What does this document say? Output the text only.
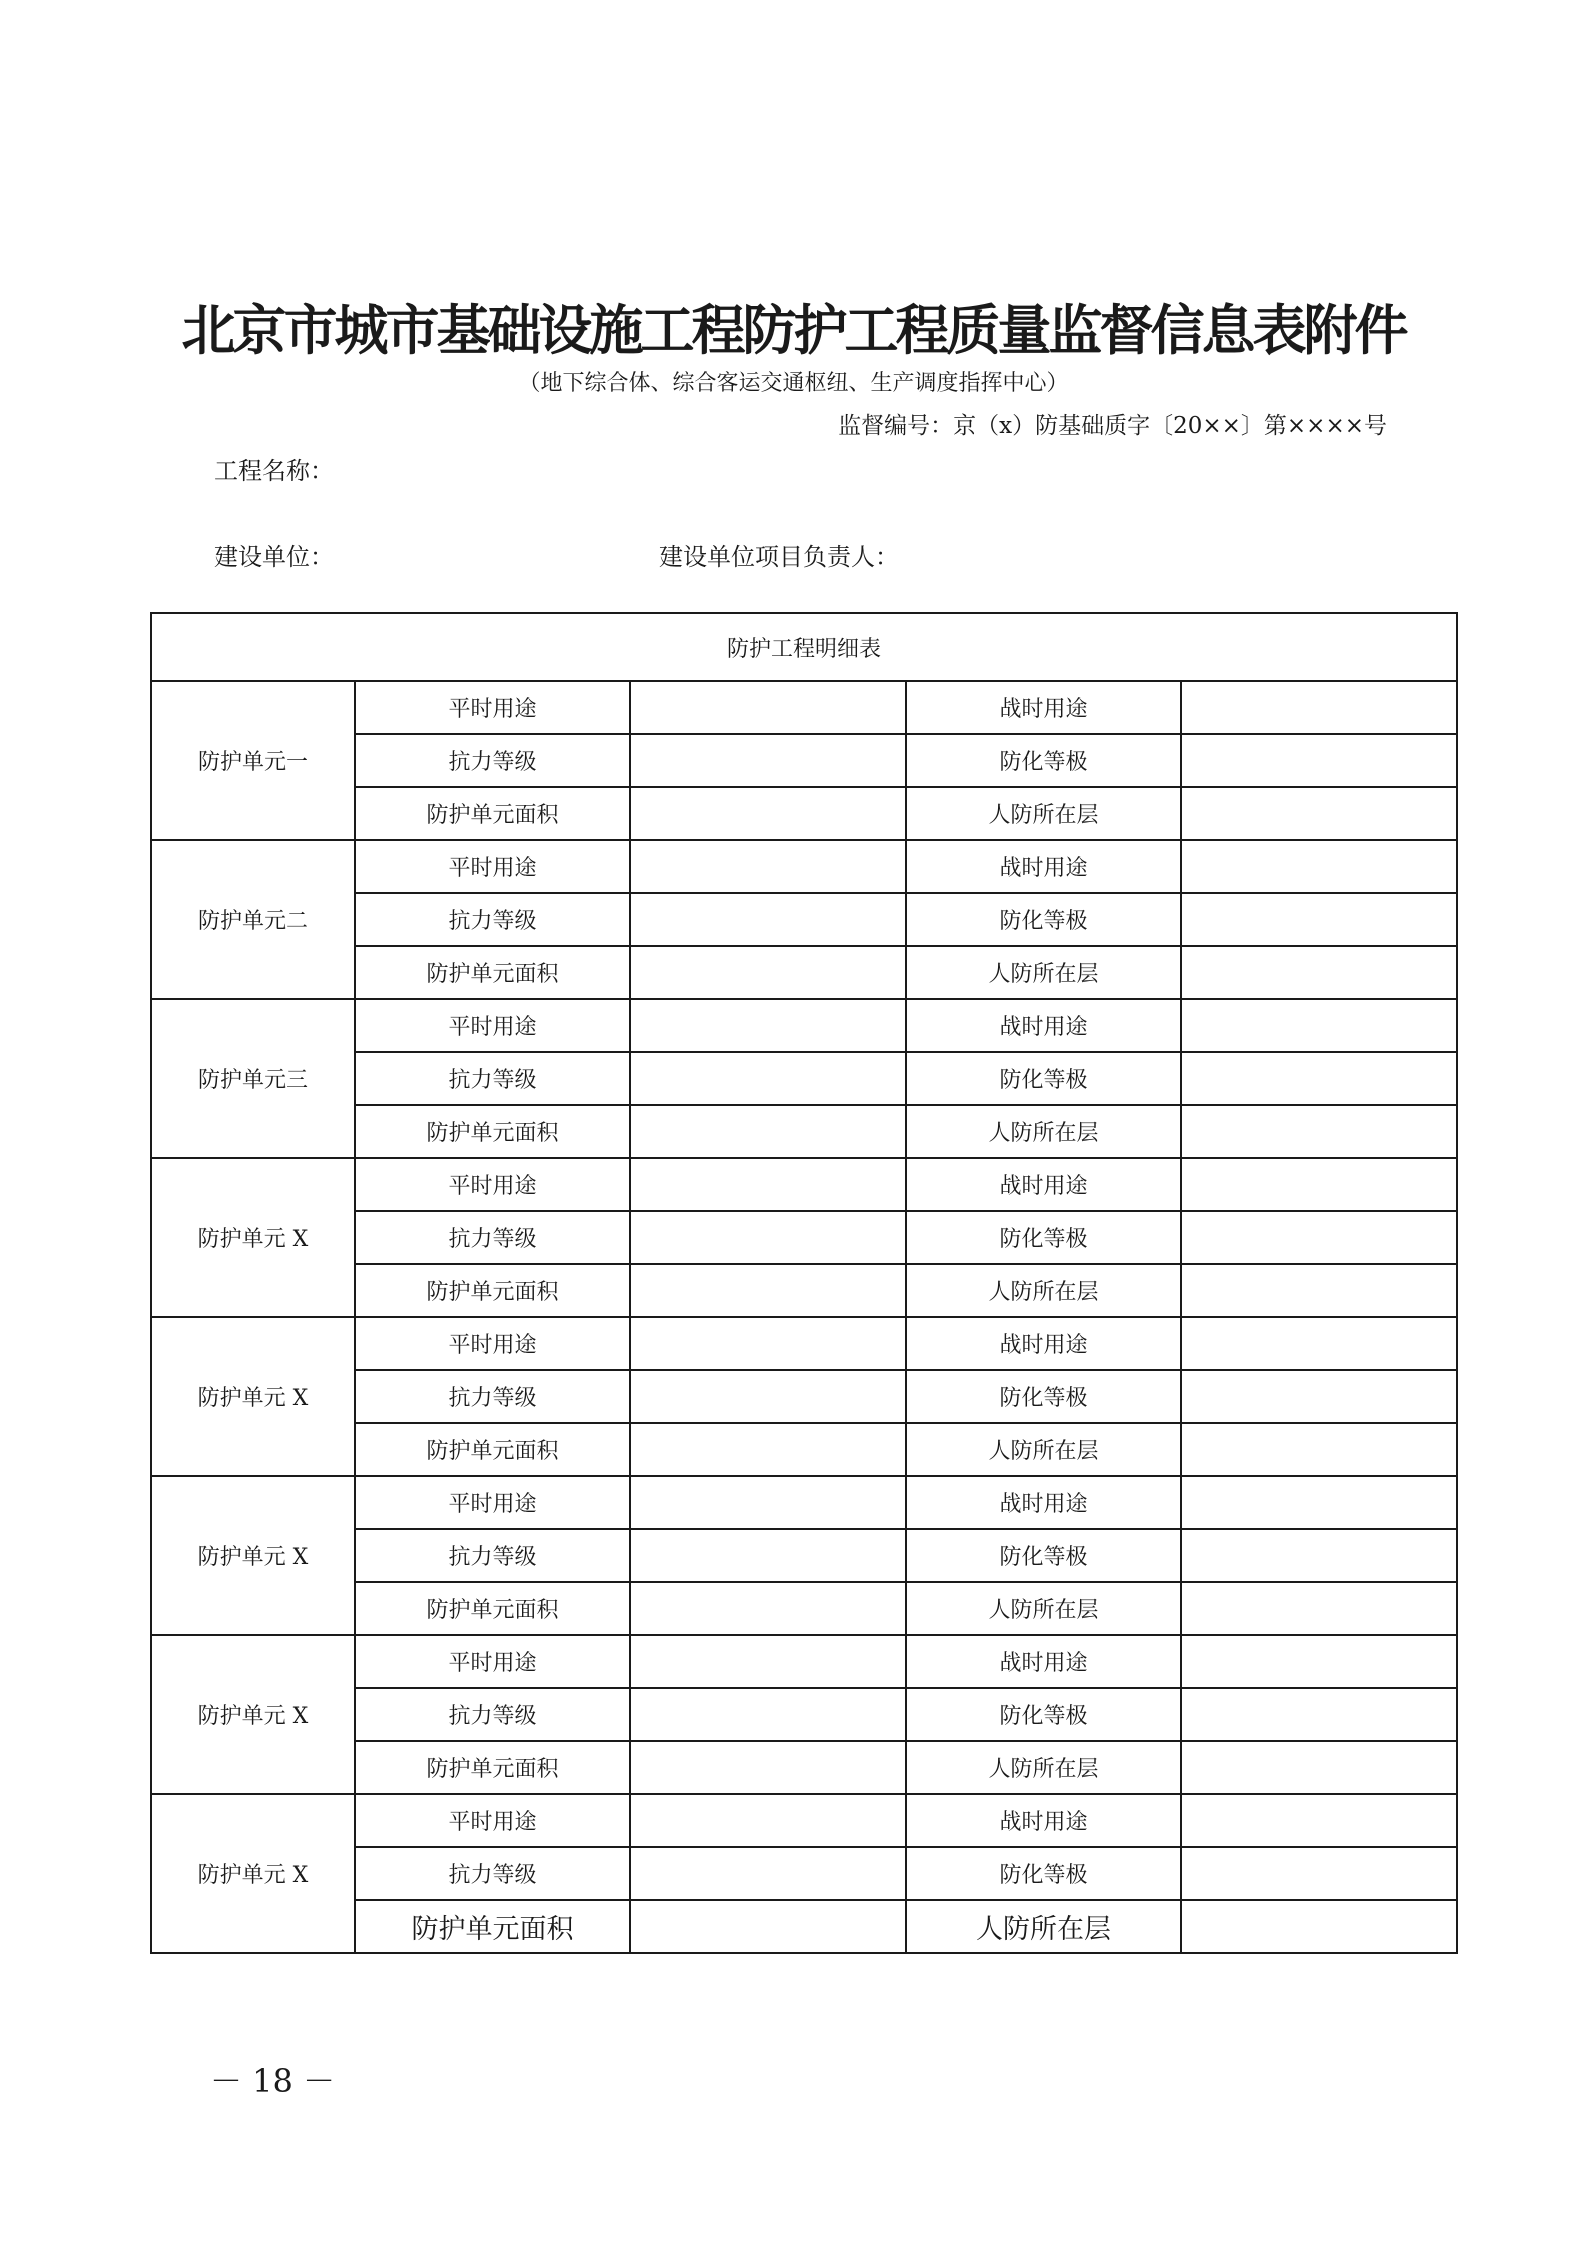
北京市城市基础设施工程防护工程质量监督信息表附件
（地下综合体、综合客运交通枢纽、生产调度指挥中心）
监督编号：京（x）防基础质字〔20××〕第××××号
工程名称：
建设单位：	建设单位项目负责人：
防护工程明细表				
防护单元一	平时用途		战时用途	
	抗力等级		防化等极	
	防护单元面积		人防所在层	
防护单元二	平时用途		战时用途	
	抗力等级		防化等极	
	防护单元面积		人防所在层	
防护单元三	平时用途		战时用途	
	抗力等级		防化等极	
	防护单元面积		人防所在层	
防护单元 X	平时用途		战时用途	
	抗力等级		防化等极	
	防护单元面积		人防所在层	
防护单元 X	平时用途		战时用途	
	抗力等级		防化等极	
	防护单元面积		人防所在层	
防护单元 X	平时用途		战时用途	
	抗力等级		防化等极	
	防护单元面积		人防所在层	
防护单元 X	平时用途		战时用途	
	抗力等级		防化等极	
	防护单元面积		人防所在层	
防护单元 X	平时用途		战时用途	
	抗力等级		防化等极	
	防护单元面积		人防所在层	
－ 18 －
